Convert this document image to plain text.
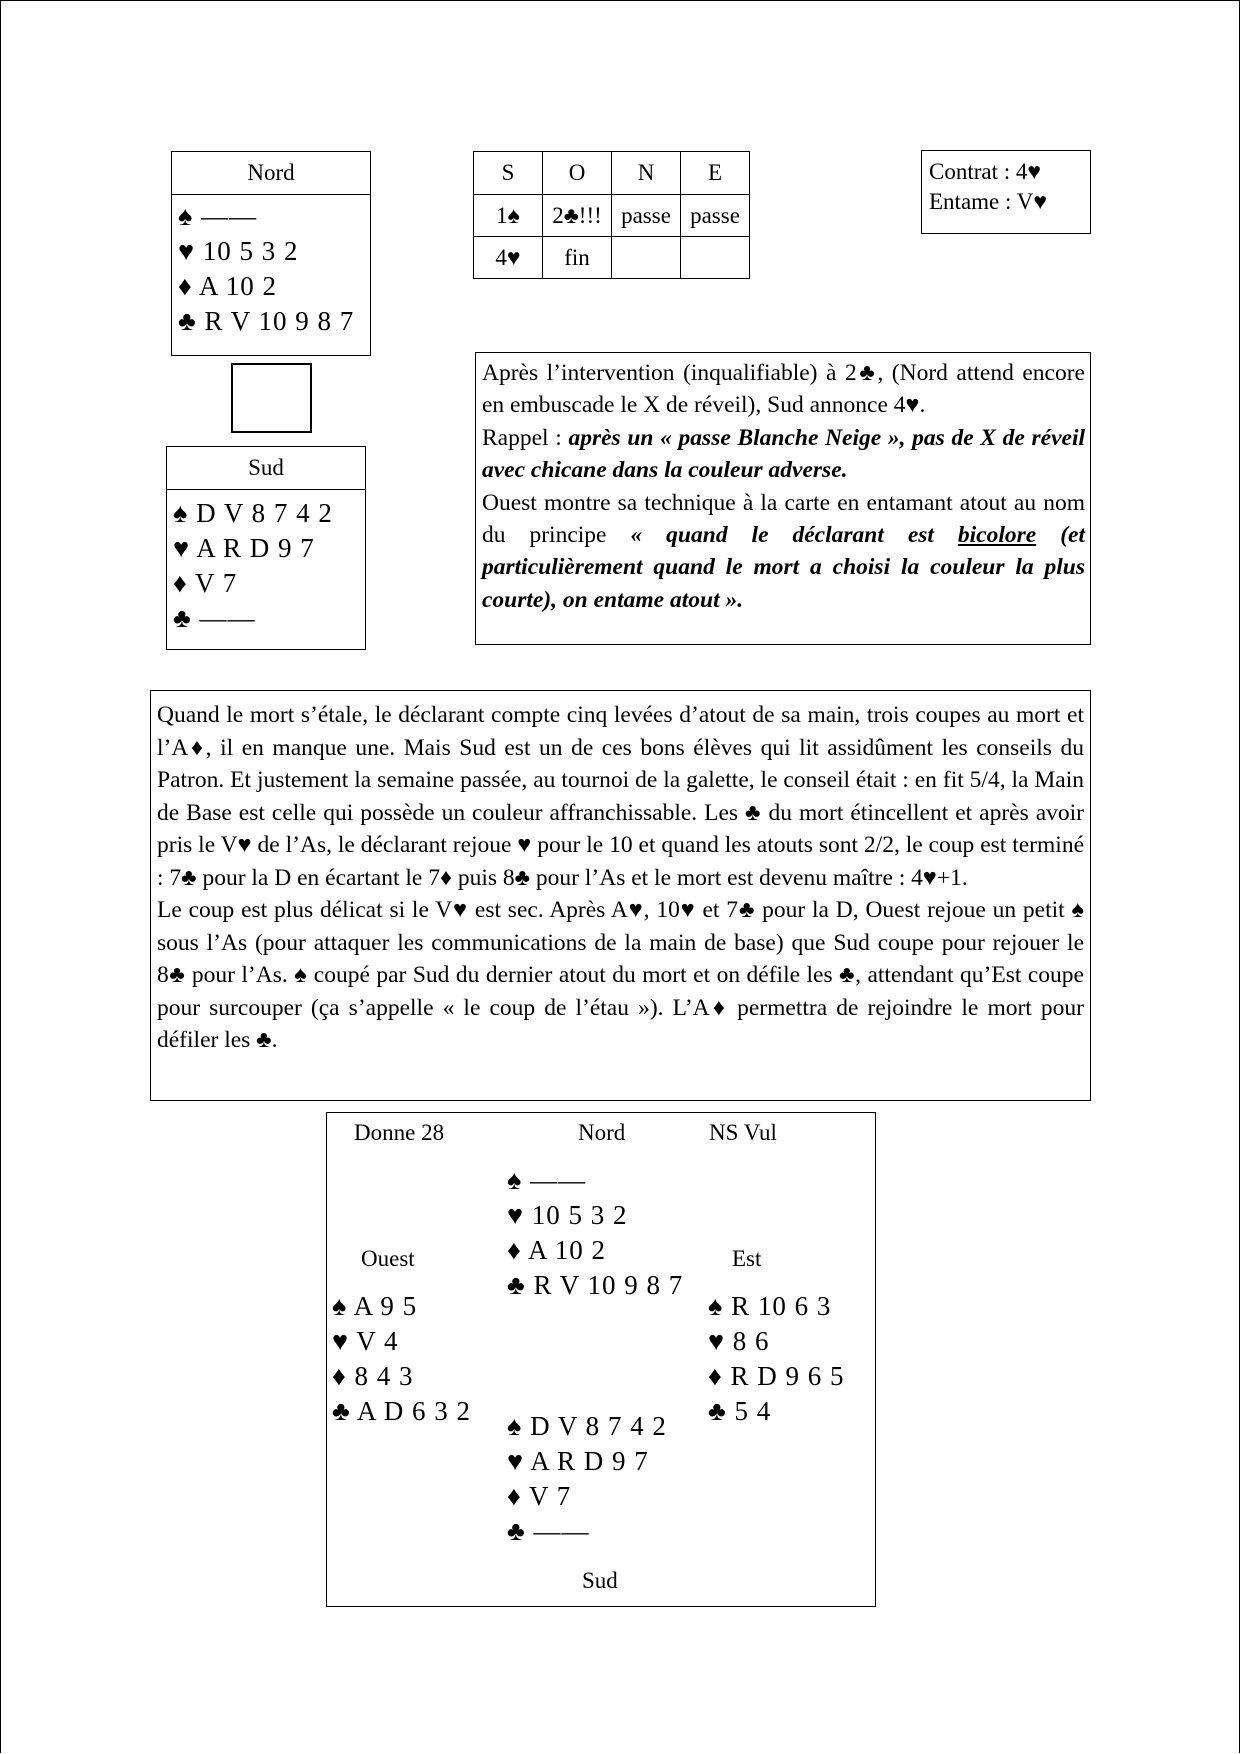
Nord
♠ ——
♥ 10 5 3 2
♦ A 10 2
♣ R V 10 9 8 7
Sud
♠ D V 8 7 4 2
♥ A R D 9 7
♦ V 7
♣ ——
S	O	N	E
1♠	2♣!!!	passe	passe
4♥	fin		
Contrat : 4♥
Entame : V♥

Après l’intervention (inqualifiable) à 2♣, (Nord attend encore en embuscade le X de réveil), Sud annonce 4♥.

Rappel : après un « passe Blanche Neige », pas de X de réveil avec chicane dans la couleur adverse.

Ouest montre sa technique à la carte en entamant atout au nom du principe « quand le déclarant est bicolore (et particulièrement quand le mort a choisi la couleur la plus courte), on entame atout ».

Quand le mort s’étale, le déclarant compte cinq levées d’atout de sa main, trois coupes au mort et l’A♦, il en manque une. Mais Sud est un de ces bons élèves qui lit assidûment les conseils du Patron. Et justement la semaine passée, au tournoi de la galette, le conseil était : en fit 5/4, la Main de Base est celle qui possède un couleur affranchissable. Les ♣ du mort étincellent et après avoir pris le V♥ de l’As, le déclarant rejoue ♥ pour le 10 et quand les atouts sont 2/2, le coup est terminé : 7♣ pour la D en écartant le 7♦ puis 8♣ pour l’As et le mort est devenu maître : 4♥+1.

Le coup est plus délicat si le V♥ est sec. Après A♥, 10♥ et 7♣ pour la D, Ouest rejoue un petit ♠ sous l’As (pour attaquer les communications de la main de base) que Sud coupe pour rejouer le 8♣ pour l’As. ♠ coupé par Sud du dernier atout du mort et on défile les ♣, attendant qu’Est coupe pour surcouper (ça s’appelle « le coup de l’étau »). L’A♦ permettra de rejoindre le mort pour défiler les ♣.

Donne 28	Nord	NS Vul
♠ ——
♥ 10 5 3 2
♦ A 10 2
♣ R V 10 9 8 7
Ouest
♠ A 9 5
♥ V 4
♦ 8 4 3
♣ A D 6 3 2
Est
♠ R 10 6 3
♥ 8 6
♦ R D 9 6 5
♣ 5 4
♠ D V 8 7 4 2
♥ A R D 9 7
♦ V 7
♣ ——
Sud
